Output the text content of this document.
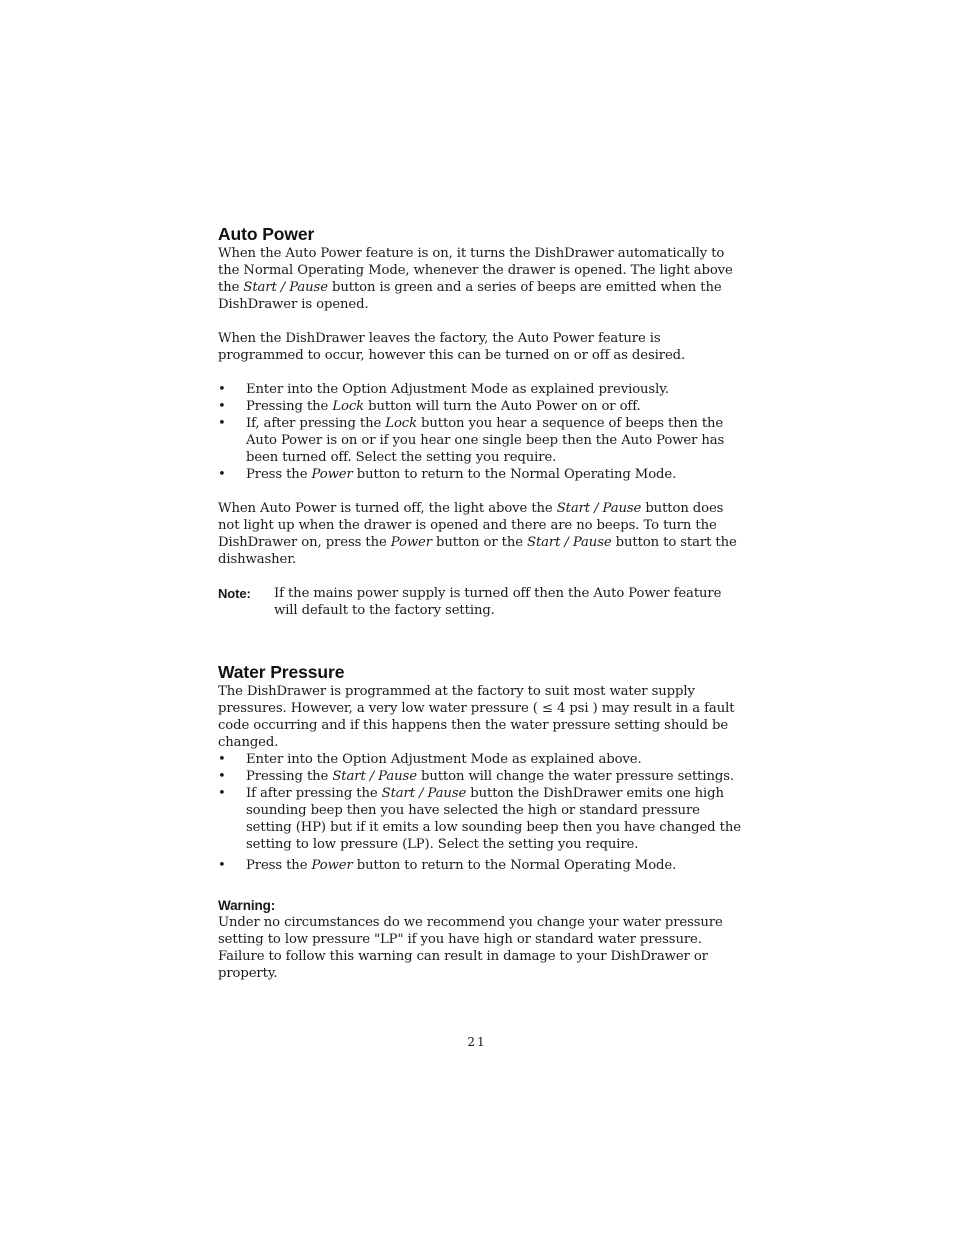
Auto Power

When the Auto Power feature is on, it turns the DishDrawer automatically to the Normal Operating Mode, whenever the drawer is opened. The light above the Start / Pause button is green and a series of beeps are emitted when the DishDrawer is opened.

When the DishDrawer leaves the factory, the Auto Power feature is programmed to occur, however this can be turned on or off as desired.

• Enter into the Option Adjustment Mode as explained previously.
• Pressing the Lock button will turn the Auto Power on or off.
• If, after pressing the Lock button you hear a sequence of beeps then the Auto Power is on or if you hear one single beep then the Auto Power has been turned off. Select the setting you require.
• Press the Power button to return to the Normal Operating Mode.

When Auto Power is turned off, the light above the Start / Pause button does not light up when the drawer is opened and there are no beeps. To turn the DishDrawer on, press the Power button or the Start / Pause button to start the dishwasher.

Note:	If the mains power supply is turned off then the Auto Power feature will default to the factory setting.
Water Pressure

The DishDrawer is programmed at the factory to suit most water supply pressures. However, a very low water pressure ( ≤ 4 psi ) may result in a fault code occurring and if this happens then the water pressure setting should be changed.

• Enter into the Option Adjustment Mode as explained above.
• Pressing the Start / Pause button will change the water pressure settings.
• If after pressing the Start / Pause button the DishDrawer emits one high sounding beep then you have selected the high or standard pressure setting (HP) but if it emits a low sounding beep then you have changed the setting to low pressure (LP). Select the setting you require.
• Press the Power button to return to the Normal Operating Mode.

Warning:

Under no circumstances do we recommend you change your water pressure setting to low pressure "LP" if you have high or standard water pressure. Failure to follow this warning can result in damage to your DishDrawer or property.

21
